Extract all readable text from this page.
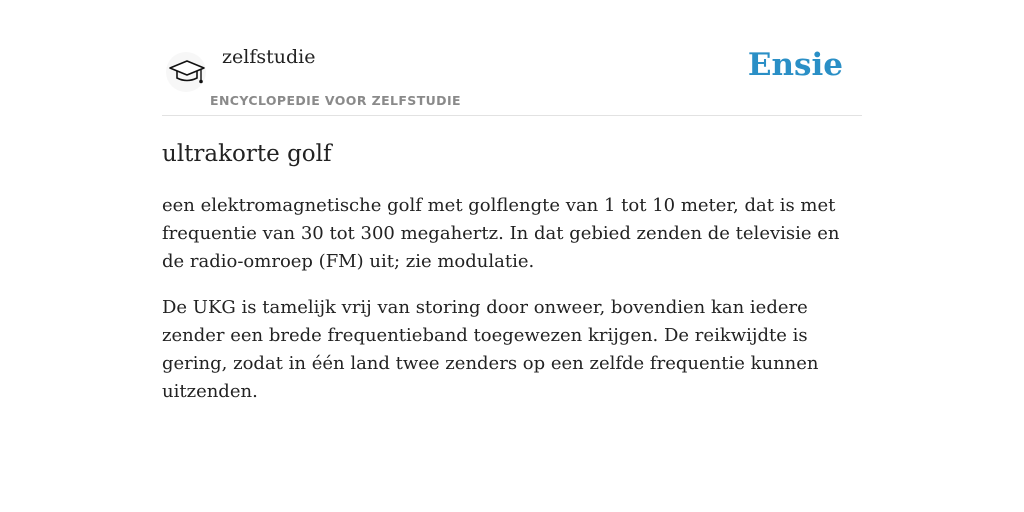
zelfstudie
ENCYCLOPEDIE VOOR ZELFSTUDIE
Ensie
ultrakorte golf

een elektromagnetische golf met golflengte van 1 tot 10 meter, dat is met frequentie van 30 tot 300 megahertz. In dat gebied zenden de televisie en de radio-omroep (FM) uit; zie modulatie.

De UKG is tamelijk vrij van storing door onweer, bovendien kan iedere zender een brede frequentieband toegewezen krijgen. De reikwijdte is gering, zodat in één land twee zenders op een zelfde frequentie kunnen uitzenden.
